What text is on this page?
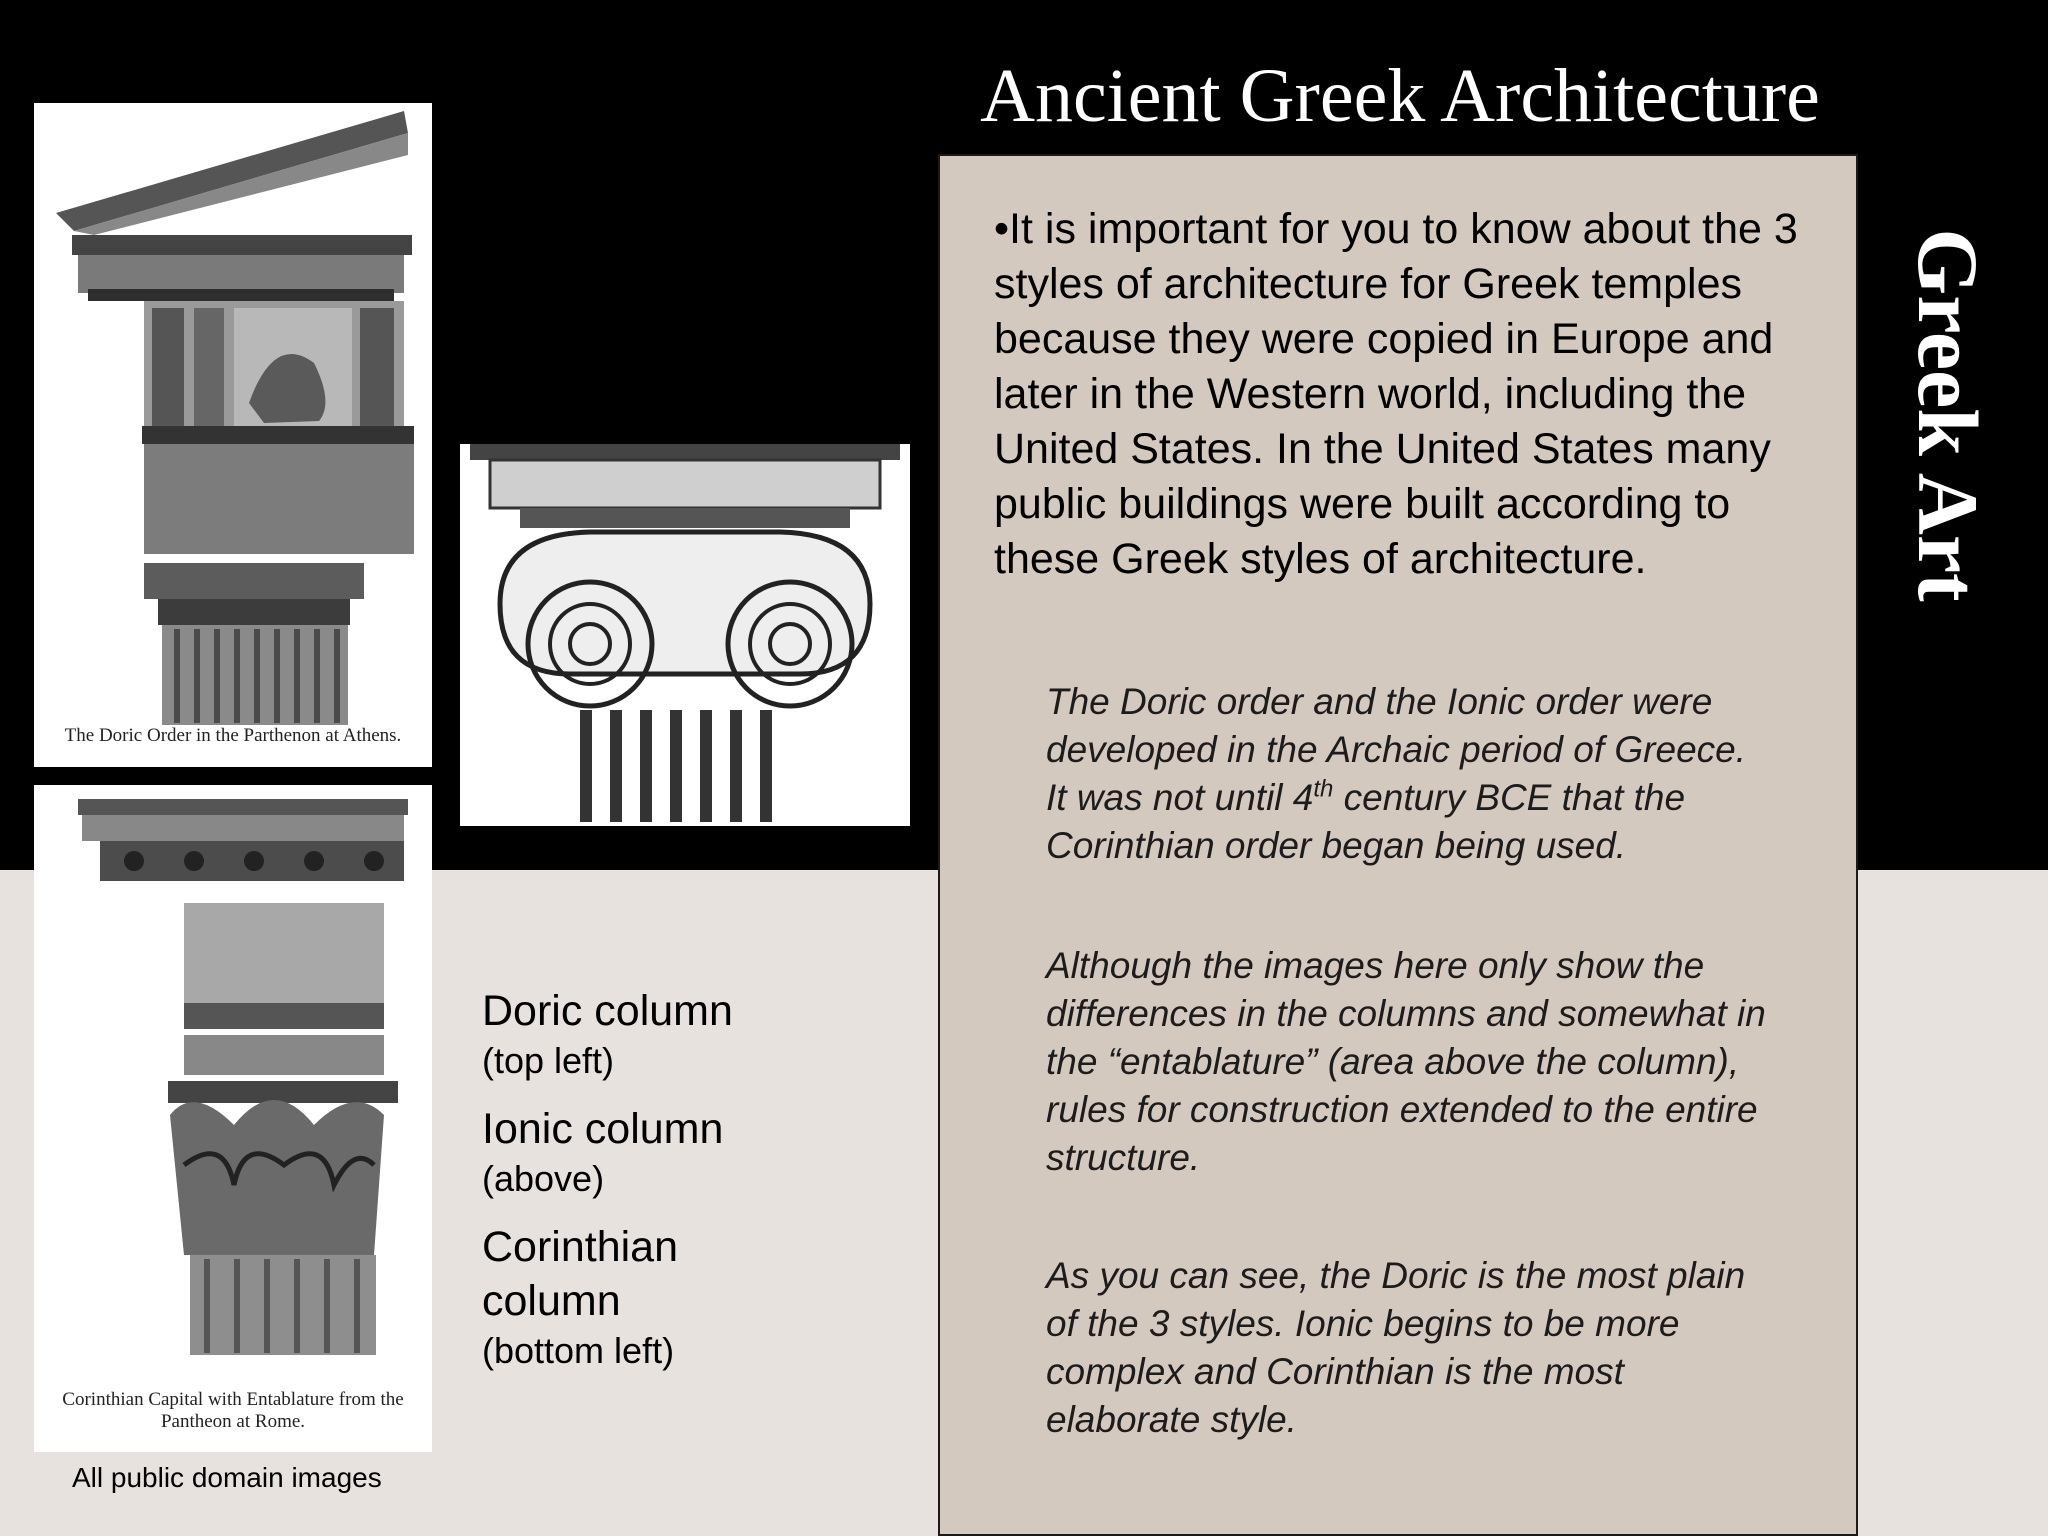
Ancient Greek Architecture
Greek Art
The Doric Order in the Parthenon at Athens.
Corinthian Capital with Entablature from the Pantheon at Rome.
All public domain images

Doric column

(top left)

Ionic column

(above)

Corinthian column

(bottom left)

•It is important for you to know about the 3 styles of architecture for Greek temples because they were copied in Europe and later in the Western world, including the United States. In the United States many public buildings were built according to these Greek styles of architecture.

The Doric order and the Ionic order were developed in the Archaic period of Greece. It was not until 4th century BCE that the Corinthian order began being used.

Although the images here only show the differences in the columns and somewhat in the “entablature” (area above the column), rules for construction extended to the entire structure.

As you can see, the Doric is the most plain of the 3 styles. Ionic begins to be more complex and Corinthian is the most elaborate style.
